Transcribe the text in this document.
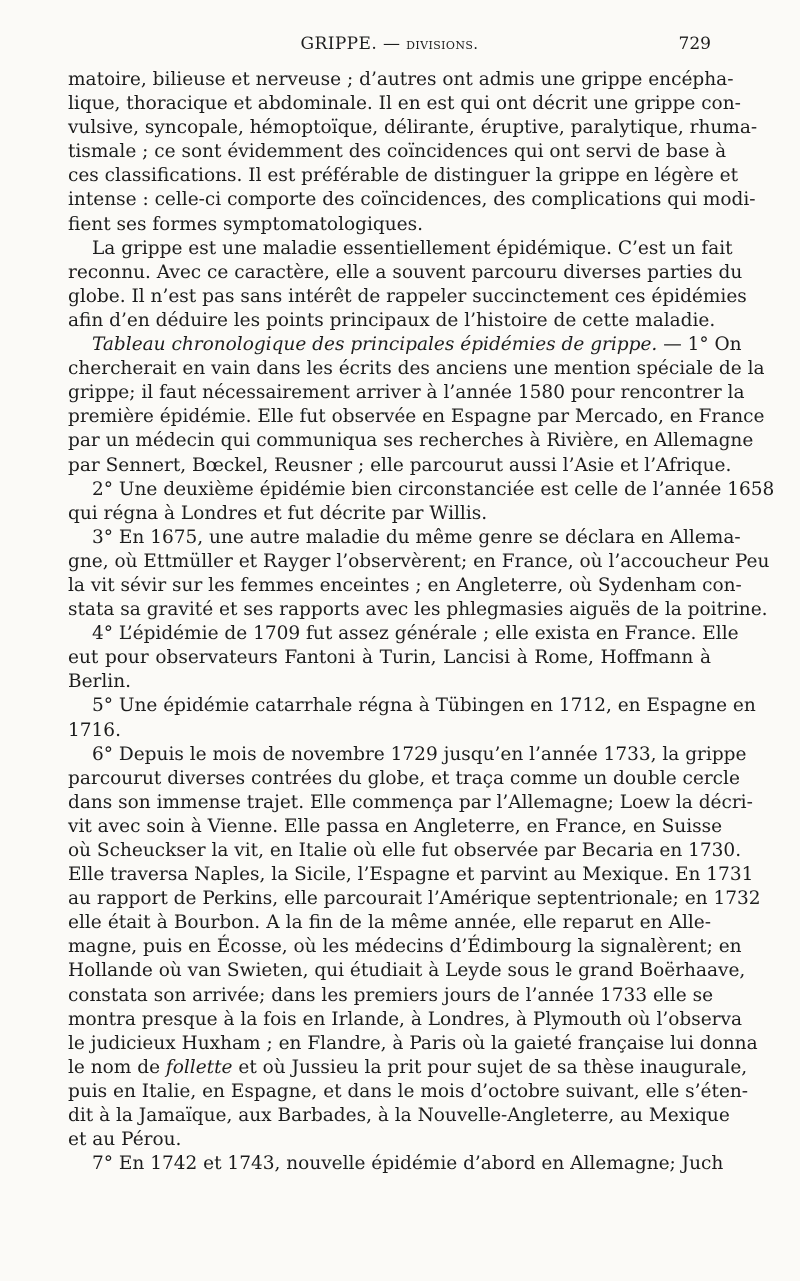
GRIPPE. — divisions.	729
matoire, bilieuse et nerveuse ; d’autres ont admis une grippe encépha-
lique, thoracique et abdominale. Il en est qui ont décrit une grippe con-
vulsive, syncopale, hémoptoïque, délirante, éruptive, paralytique, rhuma-
tismale ; ce sont évidemment des coïncidences qui ont servi de base à
ces classifications. Il est préférable de distinguer la grippe en légère et
intense : celle-ci comporte des coïncidences, des complications qui modi-
fient ses formes symptomatologiques.
La grippe est une maladie essentiellement épidémique. C’est un fait
reconnu. Avec ce caractère, elle a souvent parcouru diverses parties du
globe. Il n’est pas sans intérêt de rappeler succinctement ces épidémies
afin d’en déduire les points principaux de l’histoire de cette maladie.
Tableau chronologique des principales épidémies de grippe. — 1° On
chercherait en vain dans les écrits des anciens une mention spéciale de la
grippe; il faut nécessairement arriver à l’année 1580 pour rencontrer la
première épidémie. Elle fut observée en Espagne par Mercado, en France
par un médecin qui communiqua ses recherches à Rivière, en Allemagne
par Sennert, Bœckel, Reusner ; elle parcourut aussi l’Asie et l’Afrique.
2° Une deuxième épidémie bien circonstanciée est celle de l’année 1658
qui régna à Londres et fut décrite par Willis.
3° En 1675, une autre maladie du même genre se déclara en Allema-
gne, où Ettmüller et Rayger l’observèrent; en France, où l’accoucheur Peu
la vit sévir sur les femmes enceintes ; en Angleterre, où Sydenham con-
stata sa gravité et ses rapports avec les phlegmasies aiguës de la poitrine.
4° L’épidémie de 1709 fut assez générale ; elle exista en France. Elle
eut pour observateurs Fantoni à Turin, Lancisi à Rome, Hoffmann à
Berlin.
5° Une épidémie catarrhale régna à Tübingen en 1712, en Espagne en
1716.
6° Depuis le mois de novembre 1729 jusqu’en l’année 1733, la grippe
parcourut diverses contrées du globe, et traça comme un double cercle
dans son immense trajet. Elle commença par l’Allemagne; Loew la décri-
vit avec soin à Vienne. Elle passa en Angleterre, en France, en Suisse
où Scheuckser la vit, en Italie où elle fut observée par Becaria en 1730.
Elle traversa Naples, la Sicile, l’Espagne et parvint au Mexique. En 1731
au rapport de Perkins, elle parcourait l’Amérique septentrionale; en 1732
elle était à Bourbon. A la fin de la même année, elle reparut en Alle-
magne, puis en Écosse, où les médecins d’Édimbourg la signalèrent; en
Hollande où van Swieten, qui étudiait à Leyde sous le grand Boërhaave,
constata son arrivée; dans les premiers jours de l’année 1733 elle se
montra presque à la fois en Irlande, à Londres, à Plymouth où l’observa
le judicieux Huxham ; en Flandre, à Paris où la gaieté française lui donna
le nom de follette et où Jussieu la prit pour sujet de sa thèse inaugurale,
puis en Italie, en Espagne, et dans le mois d’octobre suivant, elle s’éten-
dit à la Jamaïque, aux Barbades, à la Nouvelle-Angleterre, au Mexique
et au Pérou.
7° En 1742 et 1743, nouvelle épidémie d’abord en Allemagne; Juch
